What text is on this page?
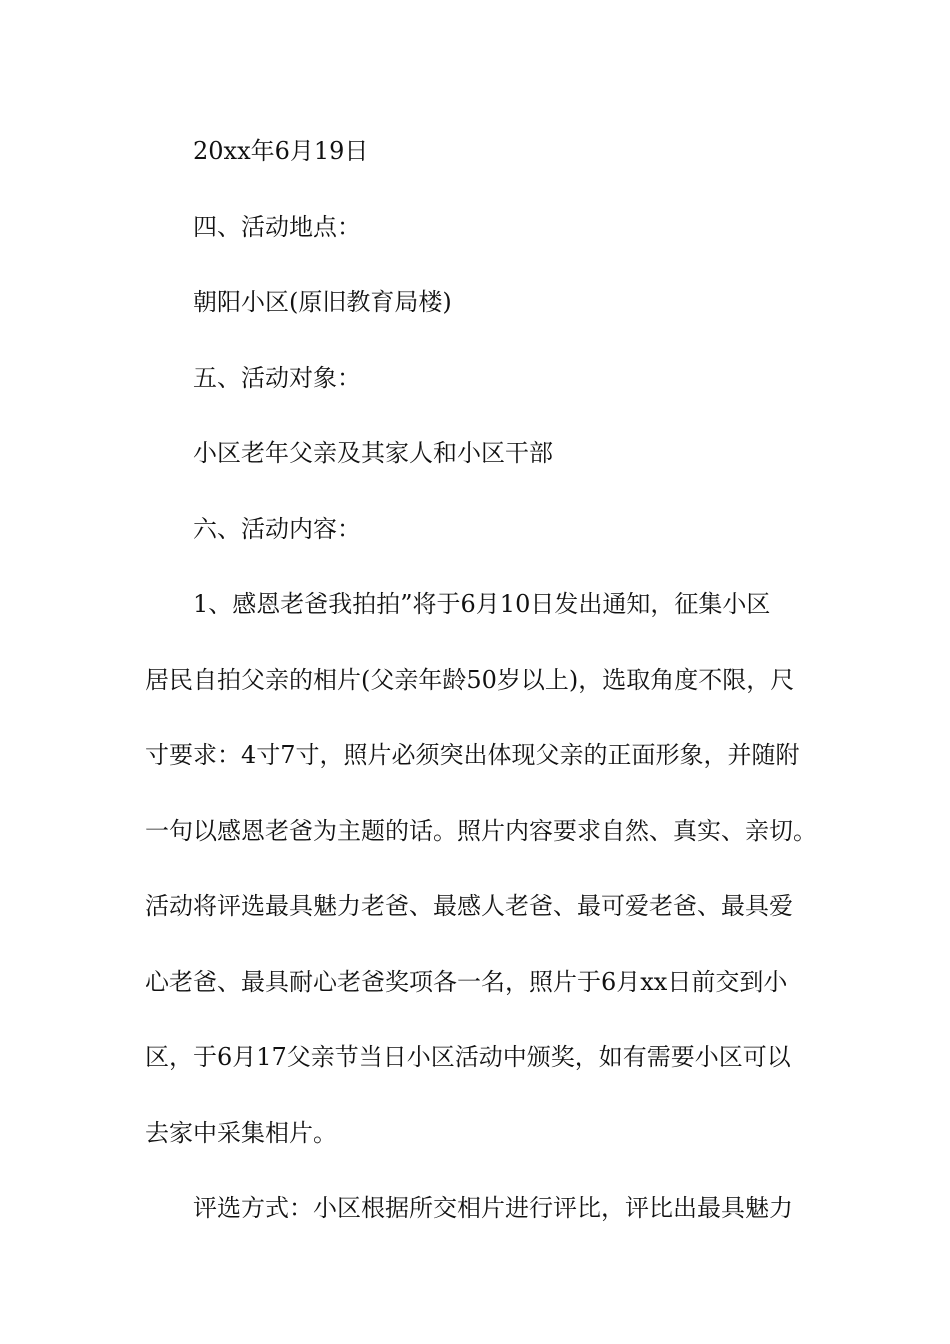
20xx年6月19日
四、活动地点：
朝阳小区(原旧教育局楼)
五、活动对象：
小区老年父亲及其家人和小区干部
六、活动内容：
1、感恩老爸我拍拍”将于6月10日发出通知，征集小区
居民自拍父亲的相片(父亲年龄50岁以上)，选取角度不限，尺
寸要求：4寸7寸，照片必须突出体现父亲的正面形象，并随附
一句以感恩老爸为主题的话。照片内容要求自然、真实、亲切。
活动将评选最具魅力老爸、最感人老爸、最可爱老爸、最具爱
心老爸、最具耐心老爸奖项各一名，照片于6月xx日前交到小
区，于6月17父亲节当日小区活动中颁奖，如有需要小区可以
去家中采集相片。
评选方式：小区根据所交相片进行评比，评比出最具魅力
